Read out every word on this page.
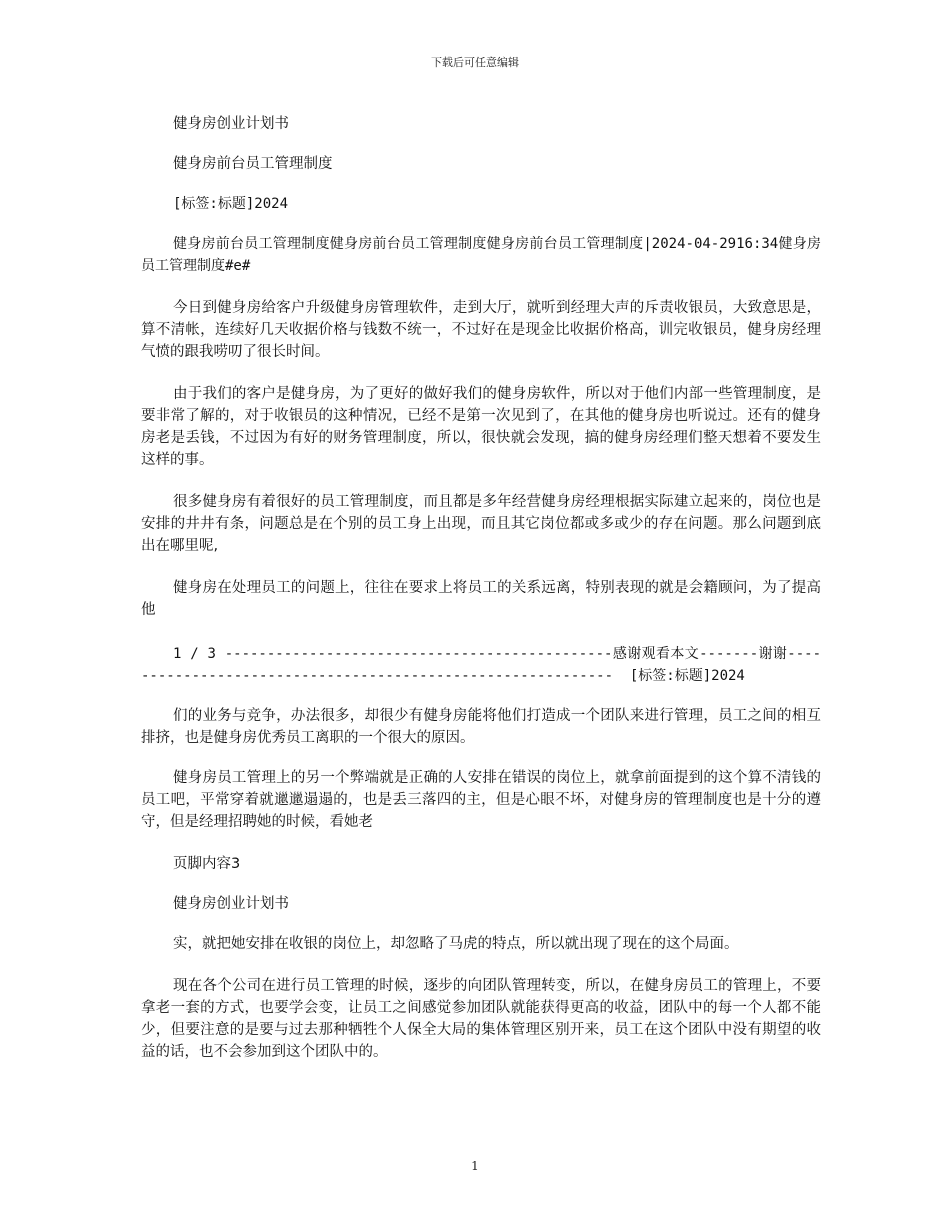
下载后可任意编辑

健身房创业计划书

健身房前台员工管理制度

[标签:标题]2024

健身房前台员工管理制度健身房前台员工管理制度健身房前台员工管理制度|2024-04-2916:34健身房员工管理制度#e#

今日到健身房给客户升级健身房管理软件，走到大厅，就听到经理大声的斥责收银员，大致意思是，算不清帐，连续好几天收据价格与钱数不统一，不过好在是现金比收据价格高，训完收银员，健身房经理气愤的跟我唠叨了很长时间。

由于我们的客户是健身房，为了更好的做好我们的健身房软件，所以对于他们内部一些管理制度，是要非常了解的，对于收银员的这种情况，已经不是第一次见到了，在其他的健身房也听说过。还有的健身房老是丢钱，不过因为有好的财务管理制度，所以，很快就会发现，搞的健身房经理们整天想着不要发生这样的事。

很多健身房有着很好的员工管理制度，而且都是多年经营健身房经理根据实际建立起来的，岗位也是安排的井井有条，问题总是在个别的员工身上出现，而且其它岗位都或多或少的存在问题。那么问题到底出在哪里呢,

健身房在处理员工的问题上，往往在要求上将员工的关系远离，特别表现的就是会籍顾问，为了提高他

1 / 3 ----------------------------------------------感谢观看本文-------谢谢------------------------------------------------------------  [标签:标题]2024

们的业务与竞争，办法很多，却很少有健身房能将他们打造成一个团队来进行管理，员工之间的相互排挤，也是健身房优秀员工离职的一个很大的原因。

健身房员工管理上的另一个弊端就是正确的人安排在错误的岗位上，就拿前面提到的这个算不清钱的员工吧，平常穿着就邋邋遢遢的，也是丢三落四的主，但是心眼不坏，对健身房的管理制度也是十分的遵守，但是经理招聘她的时候，看她老

页脚内容3

健身房创业计划书

实，就把她安排在收银的岗位上，却忽略了马虎的特点，所以就出现了现在的这个局面。

现在各个公司在进行员工管理的时候，逐步的向团队管理转变，所以，在健身房员工的管理上，不要拿老一套的方式，也要学会变，让员工之间感觉参加团队就能获得更高的收益，团队中的每一个人都不能少，但要注意的是要与过去那种牺牲个人保全大局的集体管理区别开来，员工在这个团队中没有期望的收益的话，也不会参加到这个团队中的。

1
